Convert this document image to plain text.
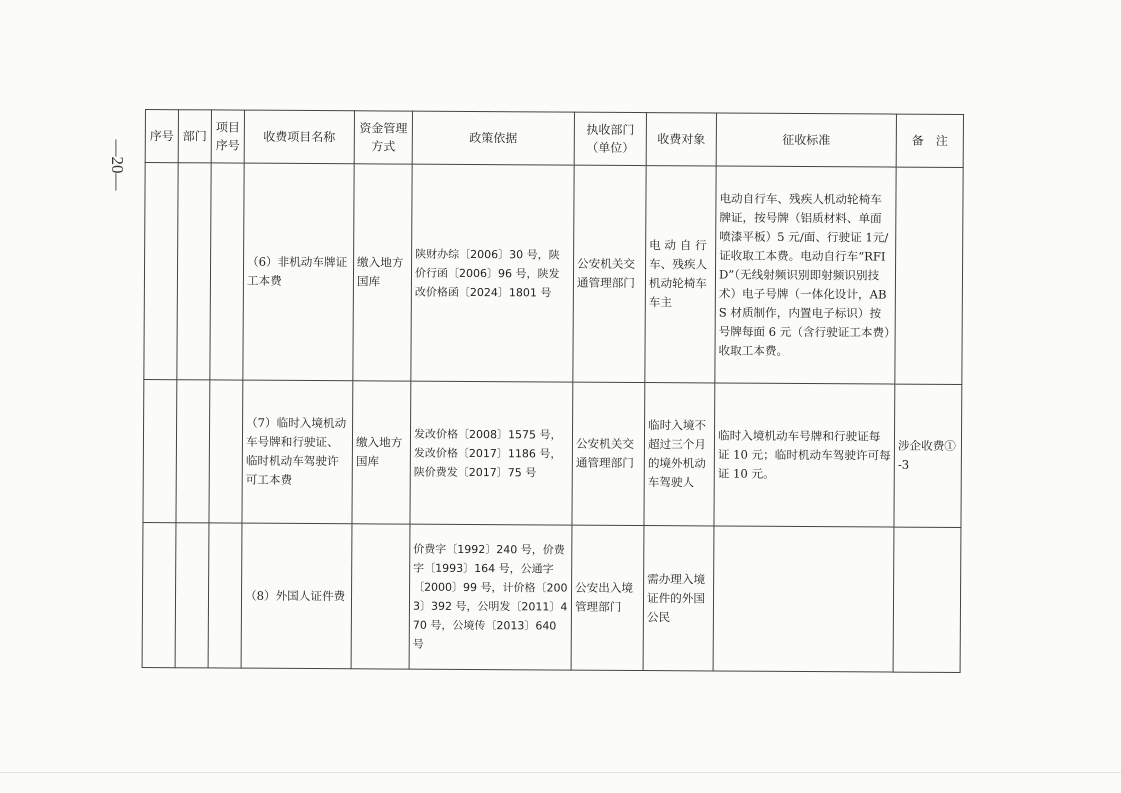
—20—
序号	部门	项目序号	收费项目名称	资金管理方式	政策依据	执收部门（单位）	收费对象	征收标准	备　注
			（6）非机动车牌证工本费	缴入地方国库	陕财办综〔2006〕30 号，陕价行函〔2006〕96 号，陕发改价格函〔2024〕1801 号	公安机关交通管理部门	电 动 自 行车、残疾人机动轮椅车车主	电动自行车、残疾人机动轮椅车牌证，按号牌（铝质材料、单面喷漆平板）5 元/面、行驶证 1元/证收取工本费。电动自行车“RFID”（无线射频识别即射频识别技术）电子号牌（一体化设计，ABS 材质制作，内置电子标识）按号牌每面 6 元（含行驶证工本费）收取工本费。	
			（7）临时入境机动车号牌和行驶证、临时机动车驾驶许可工本费	缴入地方国库	发改价格〔2008〕1575 号，发改价格〔2017〕1186 号，陕价费发〔2017〕75 号	公安机关交通管理部门	临时入境不超过三个月的境外机动车驾驶人	临时入境机动车号牌和行驶证每证 10 元；临时机动车驾驶许可每证 10 元。	涉企收费①-3
			（8）外国人证件费		价费字〔1992〕240 号，价费字〔1993〕164 号，公通字〔2000〕99 号，计价格〔2003〕392 号，公明发〔2011〕470 号，公境传〔2013〕640 号	公安出入境管理部门	需办理入境证件的外国公民		
